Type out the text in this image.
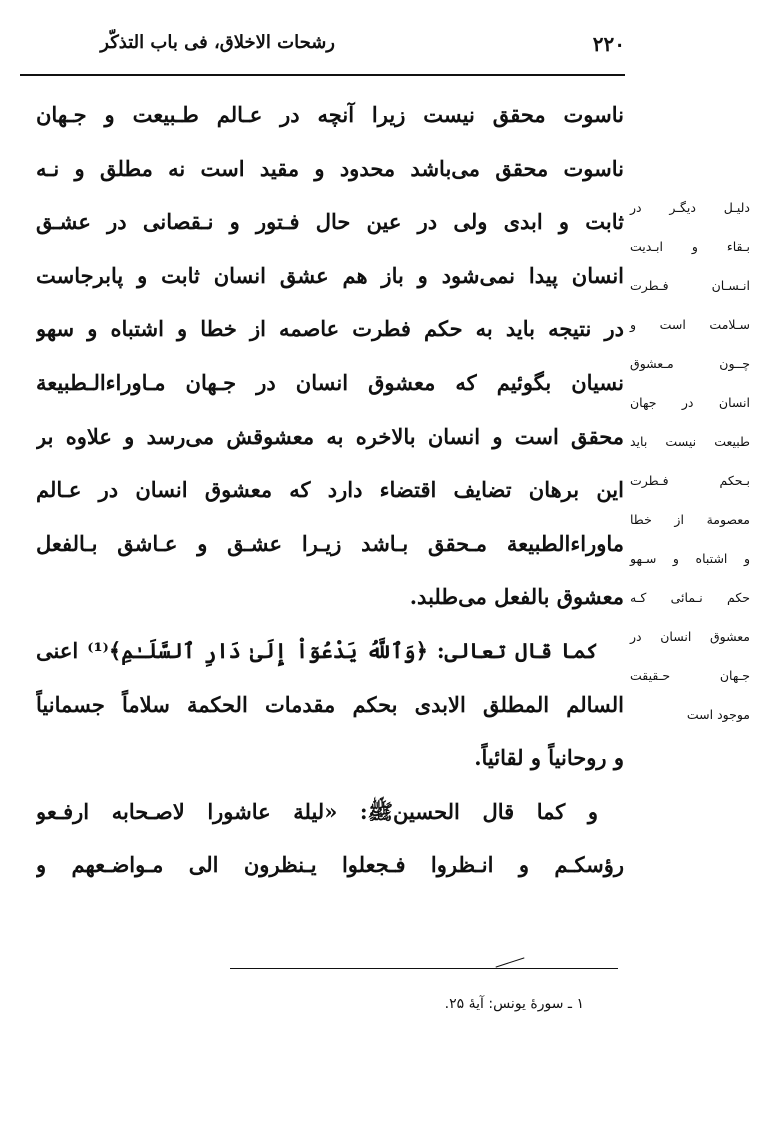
۲۲۰
رشحات الاخلاق، فی باب التذکّر
ناسوت محقق نیست زیرا آنچه در عـالم طـبیعت و جـهان
ناسوت محقق می‌باشد محدود و مقید است نه مطلق و نـه
ثابت و ابدی ولی در عین حال فـتور و نـقصانی در عشـق
انسان پیدا نمی‌شود و باز هم عشق انسان ثابت و پابرجاست
در نتیجه باید به حکم فطرت عاصمه از خطا و اشتباه و سهو
نسیان بگوئیم که معشوق انسان در جـهان مـاوراءالـطبیعة
محقق است و انسان بالاخره به معشوقش می‌رسد و علاوه بر
این برهان تضایف اقتضاء دارد که معشوق انسان در عـالم
ماوراءالطبیعة مـحقق بـاشد زیـرا عشـق و عـاشق بـالفعل
معشوق بالفعل می‌طلبد.
کما قال تعالی: ﴿وَٱللَّهُ يَدْعُوٓاْ إِلَىٰ دَارِ ٱلسَّلَـٰمِ﴾⁽¹⁾ اعنی
السالم المطلق الابدی بحکم مقدمات الحکمة سلاماً جسمانیاً
و روحانیاً و لقائیاً.
و کما قال الحسین‌ﷺ: «لیلة عاشورا لاصـحابه ارفـعو
رؤسکـم و انـظروا فـجعلوا یـنظرون الی مـواضـعهم و
دلیـل دیگـر در
بـقاء و ابـدیت
انـسـان فـطرت
سـلامت است و
چــون مـعشوق
انسان در جهان
طبیعت نیست باید
بـحکم فـطرت
معصومة از خطا
و اشتباه و سـهو
حکم نـمائی کـه
معشوق انسان در
جـهان حـقیقت
موجود است
۱ ـ سورهٔ یونس: آیهٔ ۲۵.
